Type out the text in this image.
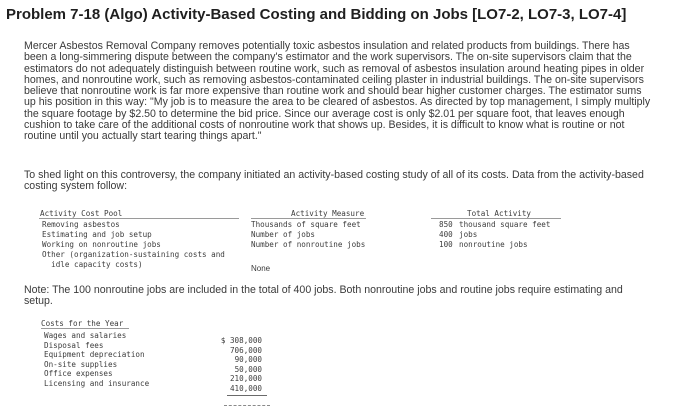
Problem 7-18 (Algo) Activity-Based Costing and Bidding on Jobs [LO7-2, LO7-3, LO7-4]
Mercer Asbestos Removal Company removes potentially toxic asbestos insulation and related products from buildings. There has
been a long-simmering dispute between the company's estimator and the work supervisors. The on-site supervisors claim that the
estimators do not adequately distinguish between routine work, such as removal of asbestos insulation around heating pipes in older
homes, and nonroutine work, such as removing asbestos-contaminated ceiling plaster in industrial buildings. The on-site supervisors
believe that nonroutine work is far more expensive than routine work and should bear higher customer charges. The estimator sums
up his position in this way: "My job is to measure the area to be cleared of asbestos. As directed by top management, I simply multiply
the square footage by $2.50 to determine the bid price. Since our average cost is only $2.01 per square foot, that leaves enough
cushion to take care of the additional costs of nonroutine work that shows up. Besides, it is difficult to know what is routine or not
routine until you actually start tearing things apart."
To shed light on this controversy, the company initiated an activity-based costing study of all of its costs. Data from the activity-based
costing system follow:
Activity Cost Pool	Activity Measure	Total Activity
Removing asbestos
Estimating and job setup
Working on nonroutine jobs
Other (organization-sustaining costs and
idle capacity costs)
Thousands of square feet
Number of jobs
Number of nonroutine jobs
850
400
100
thousand square feet
jobs
nonroutine jobs
None
Note: The 100 nonroutine jobs are included in the total of 400 jobs. Both nonroutine jobs and routine jobs require estimating and
setup.
Costs for the Year
Wages and salaries
Disposal fees
Equipment depreciation
On-site supplies
Office expenses
Licensing and insurance
$ 308,000
706,000
90,000
50,000
210,000
410,000
